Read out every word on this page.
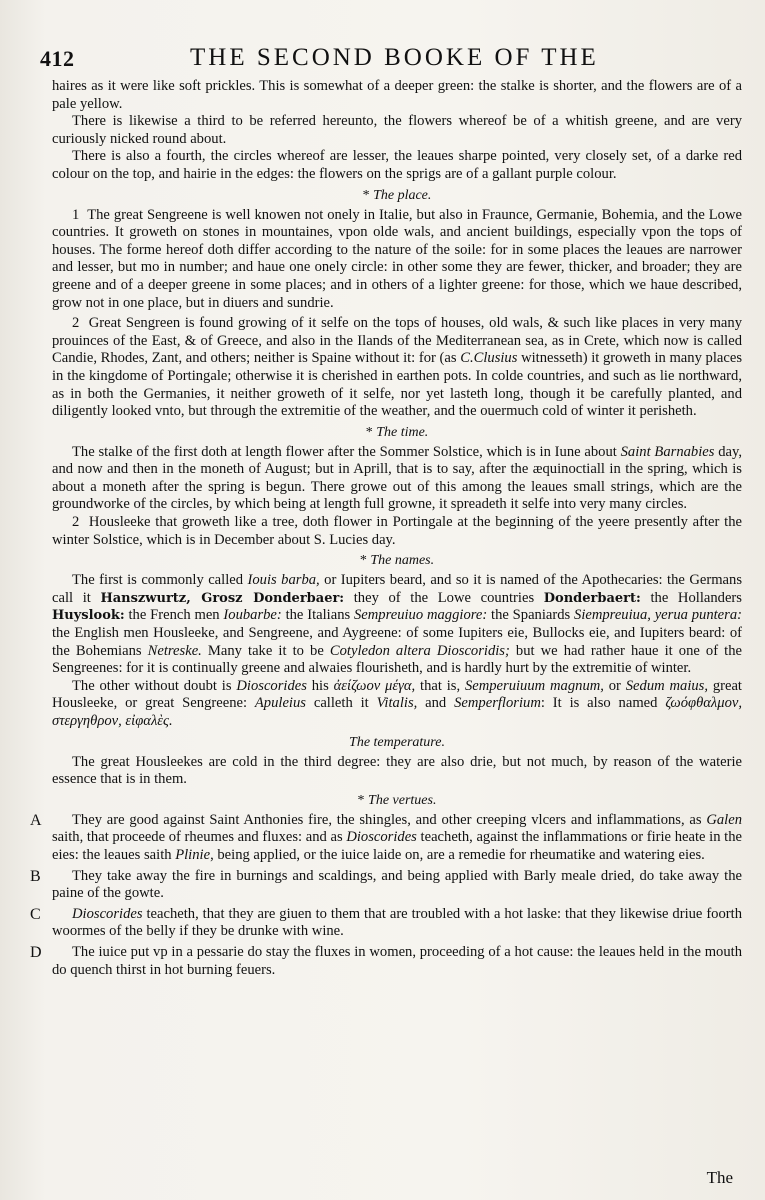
412	THE SECOND BOOKE OF THE

haires as it were like soft prickles. This is somewhat of a deeper green: the stalke is shorter, and the flowers are of a pale yellow.

There is likewise a third to be referred hereunto, the flowers whereof be of a whitish greene, and are very curiously nicked round about.

There is also a fourth, the circles whereof are lesser, the leaues sharpe pointed, very closely set, of a darke red colour on the top, and hairie in the edges: the flowers on the sprigs are of a gallant purple colour.

* The place.

1 The great Sengreene is well knowen not onely in Italie, but also in Fraunce, Germanie, Bohemia, and the Lowe countries. It groweth on stones in mountaines, vpon olde wals, and ancient buildings, especially vpon the tops of houses. The forme hereof doth differ according to the nature of the soile: for in some places the leaues are narrower and lesser, but mo in number; and haue one onely circle: in other some they are fewer, thicker, and broader; they are greene and of a deeper greene in some places; and in others of a lighter greene: for those, which we haue described, grow not in one place, but in diuers and sundrie.

2 Great Sengreen is found growing of it selfe on the tops of houses, old wals, & such like places in very many prouinces of the East, & of Greece, and also in the Ilands of the Mediterranean sea, as in Crete, which now is called Candie, Rhodes, Zant, and others; neither is Spaine without it: for (as C.Clusius witnesseth) it groweth in many places in the kingdome of Portingale; otherwise it is cherished in earthen pots. In colde countries, and such as lie northward, as in both the Germanies, it neither groweth of it selfe, nor yet lasteth long, though it be carefully planted, and diligently looked vnto, but through the extremitie of the weather, and the ouermuch cold of winter it perisheth.

* The time.

The stalke of the first doth at length flower after the Sommer Solstice, which is in Iune about Saint Barnabies day, and now and then in the moneth of August; but in Aprill, that is to say, after the æquinoctiall in the spring, which is about a moneth after the spring is begun. There growe out of this among the leaues small strings, which are the groundworke of the circles, by which being at length full growne, it spreadeth it selfe into very many circles.

2 Housleeke that groweth like a tree, doth flower in Portingale at the beginning of the yeere presently after the winter Solstice, which is in December about S. Lucies day.

* The names.

The first is commonly called Iouis barba, or Iupiters beard, and so it is named of the Apothecaries: the Germans call it Hanszwurtz, Grosz Donderbaer: they of the Lowe countries Donderbaert: the Hollanders Huyslook: the French men Ioubarbe: the Italians Sempreuiuo maggiore: the Spaniards Siempreuiua, yerua puntera: the English men Housleeke, and Sengreene, and Aygreene: of some Iupiters eie, Bullocks eie, and Iupiters beard: of the Bohemians Netreske. Many take it to be Cotyledon altera Dioscoridis; but we had rather haue it one of the Sengreenes: for it is continually greene and alwaies flourisheth, and is hardly hurt by the extremitie of winter.

The other without doubt is Dioscorides his ἀείζωον μέγα, that is, Semperuiuum magnum, or Sedum maius, great Housleeke, or great Sengreene: Apuleius calleth it Vitalis, and Semperflorium: It is also named ζωόφθαλμον, στεργηθρον, εἰφαλὲς.

The temperature.

The great Housleekes are cold in the third degree: they are also drie, but not much, by reason of the waterie essence that is in them.

* The vertues.
A	They are good against Saint Anthonies fire, the shingles, and other creeping vlcers and inflammations, as Galen saith, that proceede of rheumes and fluxes: and as Dioscorides teacheth, against the inflammations or firie heate in the eies: the leaues saith Plinie, being applied, or the iuice laide on, are a remedie for rheumatike and watering eies.

B	They take away the fire in burnings and scaldings, and being applied with Barly meale dried, do take away the paine of the gowte.

C	Dioscorides teacheth, that they are giuen to them that are troubled with a hot laske: that they likewise driue foorth woormes of the belly if they be drunke with wine.

D	The iuice put vp in a pessarie do stay the fluxes in women, proceeding of a hot cause: the leaues held in the mouth do quench thirst in hot burning feuers.

The
